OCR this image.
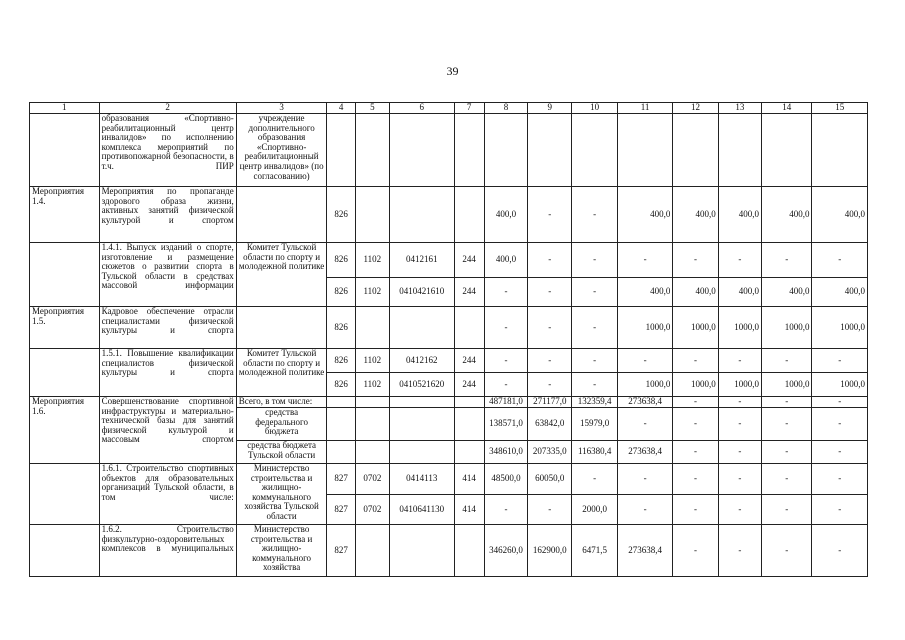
39
1	2	3	4	5	6	7	8	9	10	11	12	13	14	15
	образования «Спортивно-реабилитационный центр инвалидов» по исполнению комплекса мероприятий по противопожарной безопасности, в т.ч. ПИР	учреждение дополнительного образования «Спортивно-реабилитационный центр инвалидов» (по согласованию)												
Мероприятия 1.4.	Мероприятия по пропаганде здорового образа жизни, активных занятий физической культурой и спортом		826				400,0	-	-	400,0	400,0	400,0	400,0	400,0
	1.4.1. Выпуск изданий о спорте, изготовление и размещение сюжетов о развитии спорта в Тульской области в средствах массовой информации	Комитет Тульской области по спорту и молодежной политике	826	1102	0412161	244	400,0	-	-	-	-	-	-	-
			826	1102	0410421610	244	-	-	-	400,0	400,0	400,0	400,0	400,0
Мероприятия 1.5.	Кадровое обеспечение отрасли специалистами физической культуры и спорта		826				-	-	-	1000,0	1000,0	1000,0	1000,0	1000,0
	1.5.1. Повышение квалификации специалистов физической культуры и спорта	Комитет Тульской области по спорту и молодежной политике	826	1102	0412162	244	-	-	-	-	-	-	-	-
			826	1102	0410521620	244	-	-	-	1000,0	1000,0	1000,0	1000,0	1000,0
Мероприятия 1.6.	Совершенствование спортивной инфраструктуры и материально-технической базы для занятий физической культурой и массовым спортом	Всего, в том числе:					487181,0	271177,0	132359,4	273638,4	-	-	-	-
		средства федерального бюджета					138571,0	63842,0	15979,0	-	-	-	-	-
		средства бюджета Тульской области					348610,0	207335,0	116380,4	273638,4	-	-	-	-
	1.6.1. Строительство спортивных объектов для образовательных организаций Тульской области, в том числе:	Министерство строительства и жилищно-коммунального хозяйства Тульской области	827	0702	0414113	414	48500,0	60050,0	-	-	-	-	-	-
			827	0702	0410641130	414	-	-	2000,0	-	-	-	-	-
	1.6.2. Строительство физкультурно-оздоровительных комплексов в муниципальных	Министерство строительства и жилищно-коммунального хозяйства	827				346260,0	162900,0	6471,5	273638,4	-	-	-	-
